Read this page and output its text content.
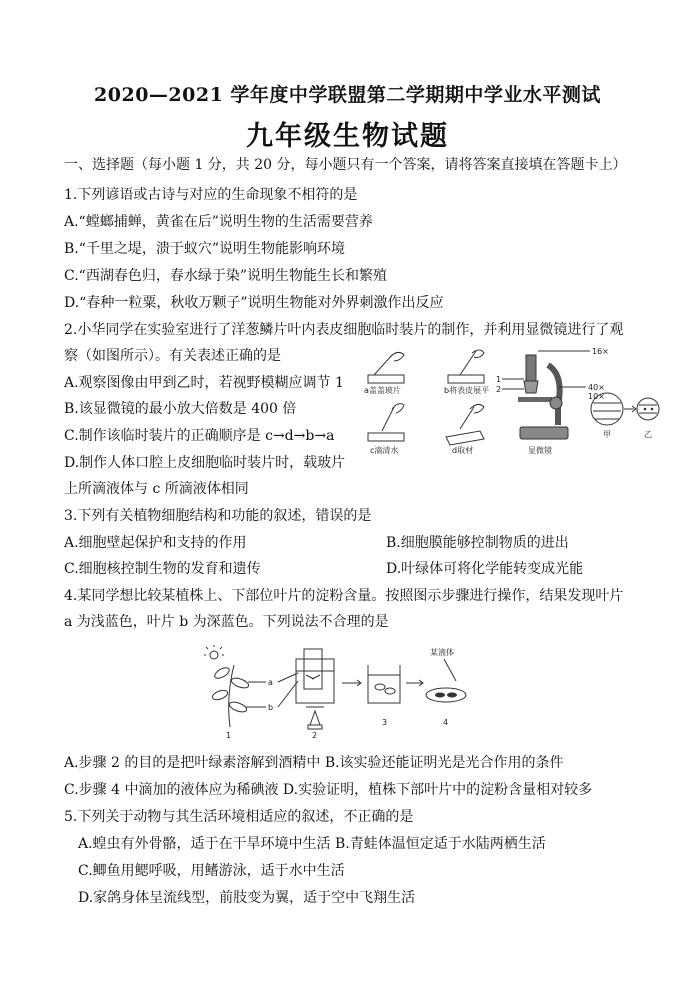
2020—2021 学年度中学联盟第二学期期中学业水平测试
九年级生物试题
一、选择题（每小题 1 分，共 20 分，每小题只有一个答案，请将答案直接填在答题卡上）
1.下列谚语或古诗与对应的生命现象不相符的是
A.“螳螂捕蝉，黄雀在后”说明生物的生活需要营养
B.“千里之堤，溃于蚁穴”说明生物能影响环境
C.“西湖春色归，春水绿于染”说明生物能生长和繁殖
D.“春种一粒粟，秋收万颗子”说明生物能对外界刺激作出反应
2.小华同学在实验室进行了洋葱鳞片叶内表皮细胞临时装片的制作，并利用显微镜进行了观
察（如图所示）。有关表述正确的是
A.观察图像由甲到乙时，若视野模糊应调节 1
B.该显微镜的最小放大倍数是 400 倍
C.制作该临时装片的正确顺序是 c→d→b→a
D.制作人体口腔上皮细胞临时装片时，载玻片
上所滴液体与 c 所滴液体相同
a盖盖玻片	b将表皮展平
c滴清水	d取材
16×
40×
10×
1
2
显微镜
甲	乙
3.下列有关植物细胞结构和功能的叙述，错误的是
A.细胞壁起保护和支持的作用	B.细胞膜能够控制物质的进出
C.细胞核控制生物的发育和遗传	D.叶绿体可将化学能转变成光能
4.某同学想比较某植株上、下部位叶片的淀粉含量。按照图示步骤进行操作，结果发现叶片
a 为浅蓝色，叶片 b 为深蓝色。下列说法不合理的是
a
b
1	2
3
某液体
4
A.步骤 2 的目的是把叶绿素溶解到酒精中 B.该实验还能证明光是光合作用的条件
C.步骤 4 中滴加的液体应为稀碘液 D.实验证明，植株下部叶片中的淀粉含量相对较多
5.下列关于动物与其生活环境相适应的叙述，不正确的是
A.蝗虫有外骨骼，适于在干旱环境中生活 B.青蛙体温恒定适于水陆两栖生活
C.鲫鱼用鳃呼吸，用鳍游泳，适于水中生活
D.家鸽身体呈流线型，前肢变为翼，适于空中飞翔生活
